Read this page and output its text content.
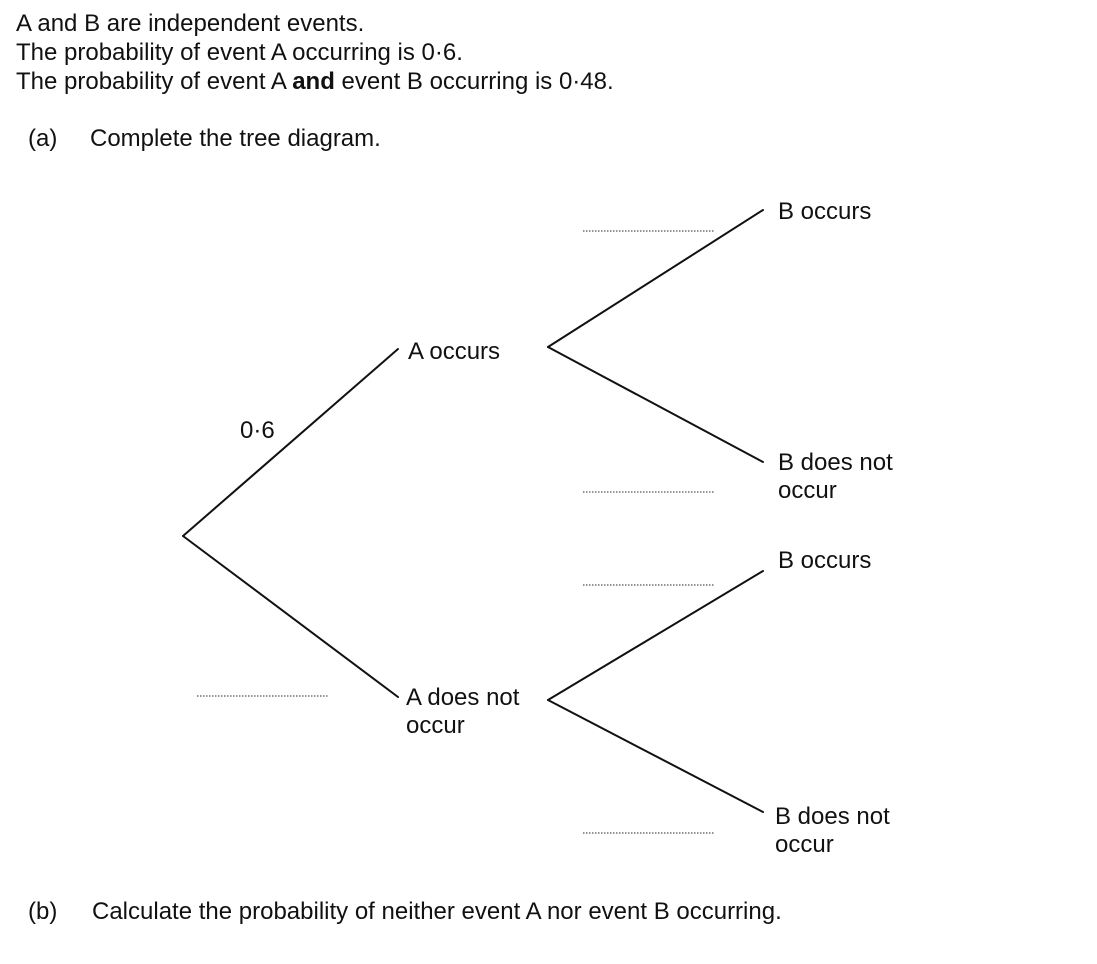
A and B are independent events.
The probability of event A occurring is 0·6.
The probability of event A and event B occurring is 0·48.
(a) Complete the tree diagram.
0·6
A occurs
A does not
occur
B occurs
B does not
occur
B occurs
B does not
occur
(b) Calculate the probability of neither event A nor event B occurring.
